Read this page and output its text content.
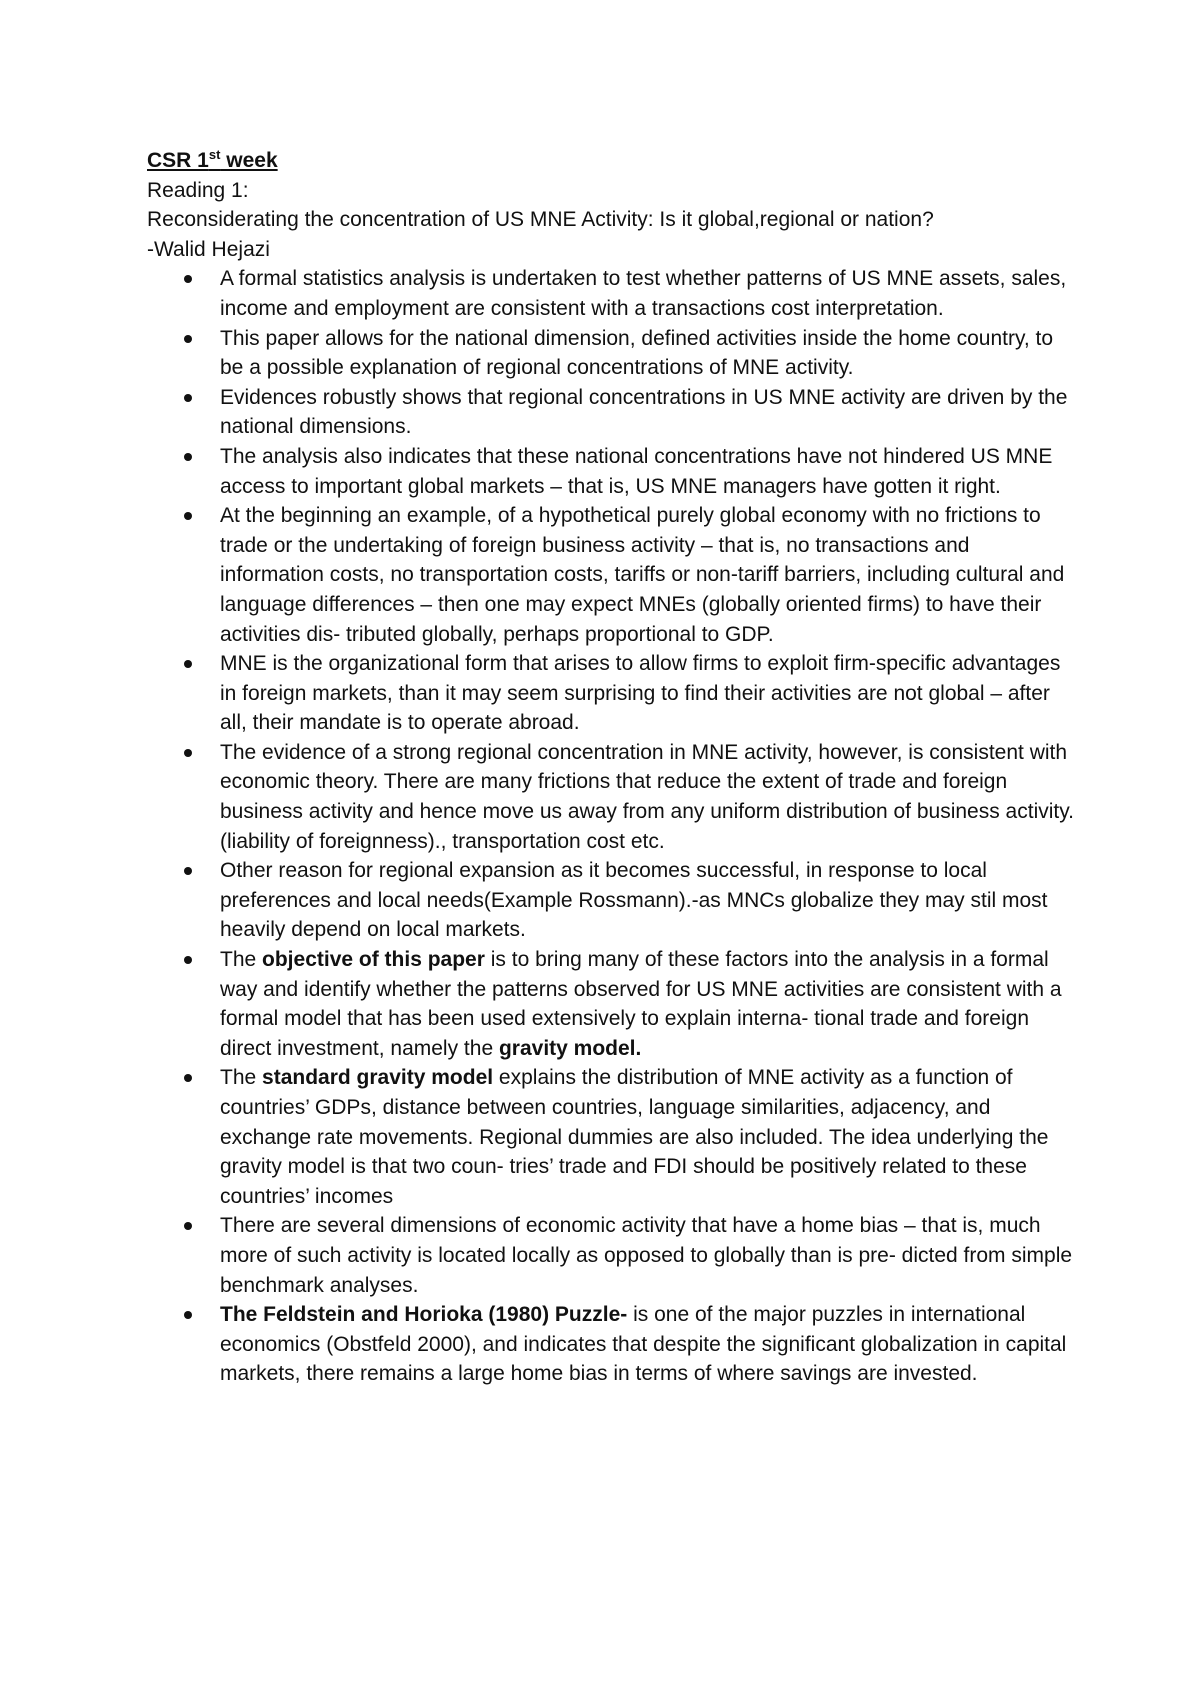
CSR 1st week

Reading 1:

Reconsiderating the concentration of US MNE Activity: Is it global,regional or nation?

-Walid Hejazi

A formal statistics analysis is undertaken to test whether patterns of US MNE assets, sales, income and employment are consistent with a transactions cost interpretation.
This paper allows for the national dimension, defined activities inside the home country, to be a possible explanation of regional concentrations of MNE activity.
Evidences robustly shows that regional concentrations in US MNE activity are driven by the national dimensions.
The analysis also indicates that these national concentrations have not hindered US MNE access to important global markets – that is, US MNE managers have gotten it right.
At the beginning an example, of a hypothetical purely global economy with no frictions to trade or the undertaking of foreign business activity – that is, no transactions and information costs, no transportation costs, tariffs or non-tariff barriers, including cultural and language differences – then one may expect MNEs (globally oriented firms) to have their activities dis- tributed globally, perhaps proportional to GDP.
MNE is the organizational form that arises to allow firms to exploit firm-specific advantages in foreign markets, than it may seem surprising to find their activities are not global – after all, their mandate is to operate abroad.
The evidence of a strong regional concentration in MNE activity, however, is consistent with economic theory. There are many frictions that reduce the extent of trade and foreign business activity and hence move us away from any uniform distribution of business activity. (liability of foreignness)., transportation cost etc.
Other reason for regional expansion as it becomes successful, in response to local preferences and local needs(Example Rossmann).-as MNCs globalize they may stil most heavily depend on local markets.
The objective of this paper is to bring many of these factors into the analysis in a formal way and identify whether the patterns observed for US MNE activities are consistent with a formal model that has been used extensively to explain interna- tional trade and foreign direct investment, namely the gravity model.
The standard gravity model explains the distribution of MNE activity as a function of countries’ GDPs, distance between countries, language similarities, adjacency, and exchange rate movements. Regional dummies are also included. The idea underlying the gravity model is that two coun- tries’ trade and FDI should be positively related to these countries’ incomes
There are several dimensions of economic activity that have a home bias – that is, much more of such activity is located locally as opposed to globally than is pre- dicted from simple benchmark analyses.
The Feldstein and Horioka (1980) Puzzle- is one of the major puzzles in international economics (Obstfeld 2000), and indicates that despite the significant globalization in capital markets, there remains a large home bias in terms of where savings are invested.
